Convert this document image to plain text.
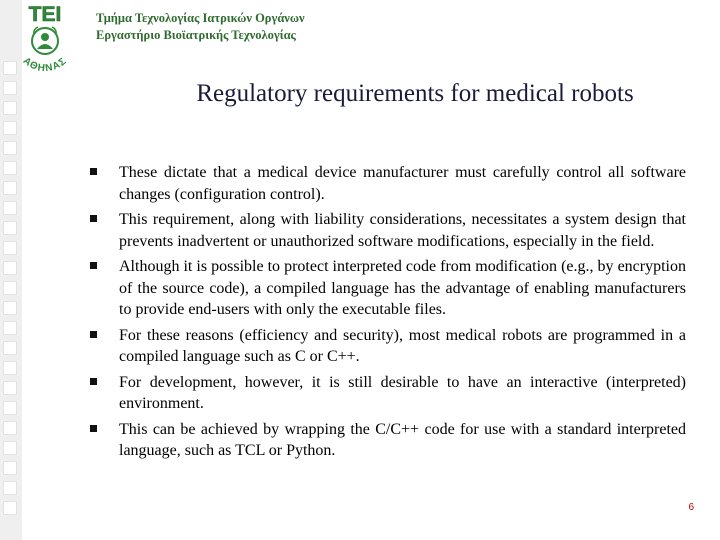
ΤΕΙ
ΑΘΗΝΑΣ
Τμήμα Τεχνολογίας Ιατρικών Οργάνων
Εργαστήριο Βιοϊατρικής Τεχνολογίας
Regulatory requirements for medical robots
These dictate that a medical device manufacturer must carefully control all software changes (configuration control).
This requirement, along with liability considerations, necessitates a system design that prevents inadvertent or unauthorized software modifications, especially in the field.
Although it is possible to protect interpreted code from modification (e.g., by encryption of the source code), a compiled language has the advantage of enabling manufacturers to provide end-users with only the executable files.
For these reasons (efficiency and security), most medical robots are programmed in a compiled language such as C or C++.
For development, however, it is still desirable to have an interactive (interpreted) environment.
This can be achieved by wrapping the C/C++ code for use with a standard interpreted language, such as TCL or Python.
6
